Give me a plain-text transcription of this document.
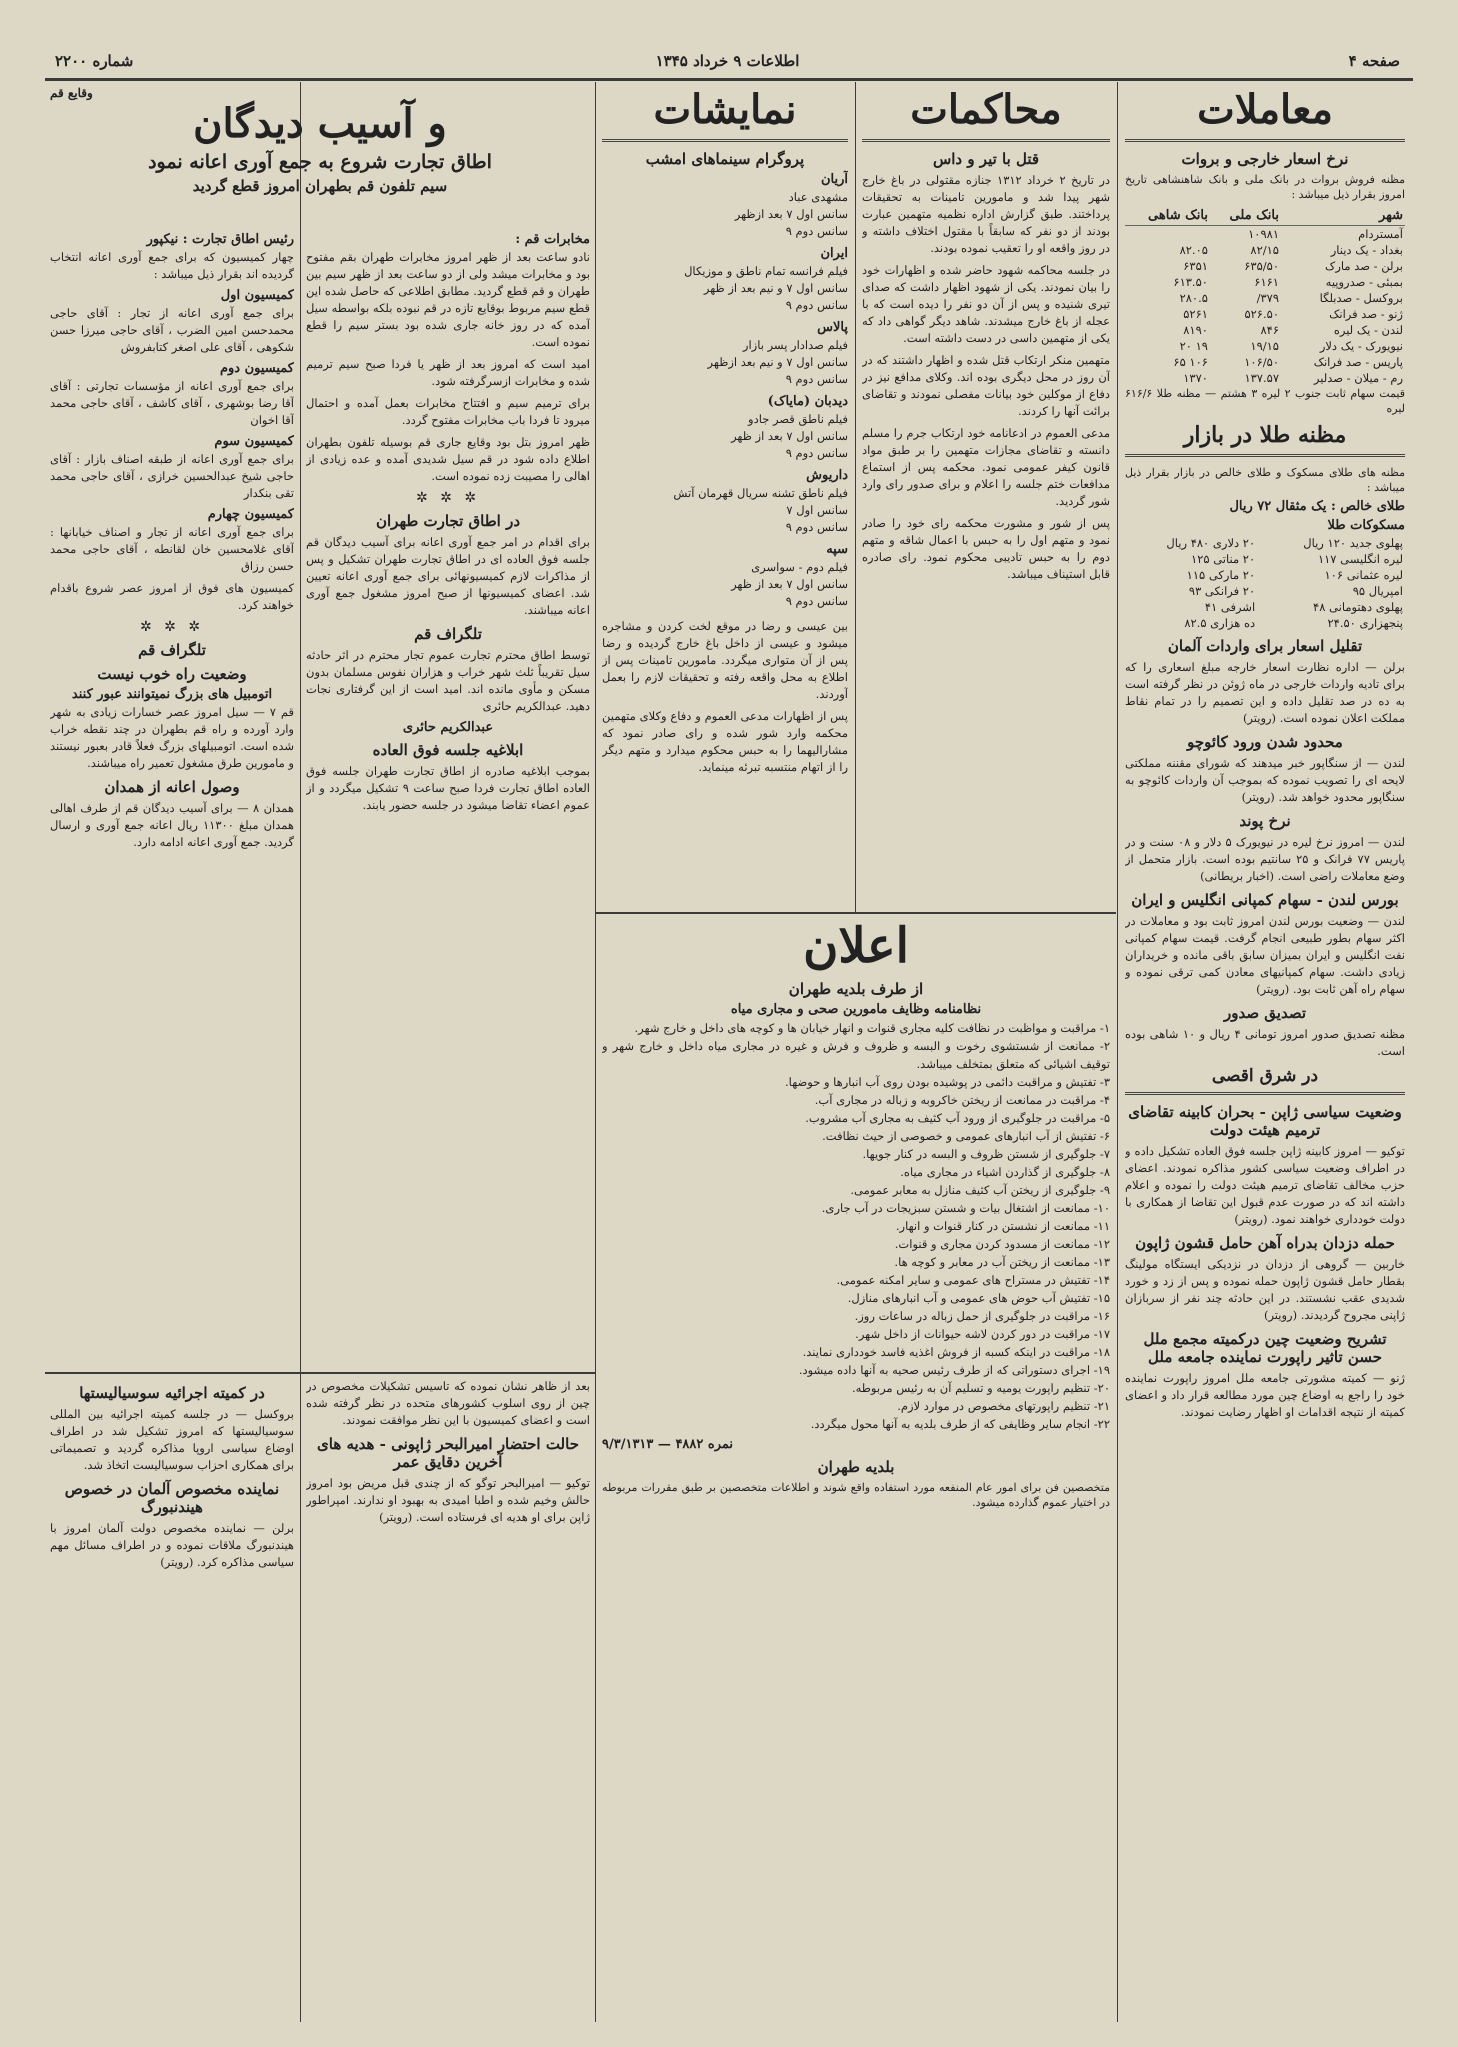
صفحه ۴
اطلاعات ۹ خرداد ۱۳۴۵
شماره ۲۲۰۰
معاملات
نرخ اسعار خارجی و بروات

مظنه فروش بروات در بانک ملی و بانک شاهنشاهی تاریخ امروز بقرار ذیل میباشد :

شهر	بانک ملی	بانک شاهی
آمستردام	۱۰۹۸۱	
بغداد - یک دینار	۸۲/۱۵	۸۲.۰۵
برلن - صد مارک	۶۳۵/۵۰	۶۳۵۱
بمبئی - صدروپیه	۶۱۶۱	۶۱۳.۵۰
بروکسل - صدبلگا	۳۷۹/	۲۸۰.۵
ژنو - صد فرانک	۵۲۶.۵۰	۵۲۶۱
لندن - یک لیره	۸۴۶	۸۱۹۰
نیویورک - یک دلار	۱۹/۱۵	۱۹ ۲۰
پاریس - صد فرانک	۱۰۶/۵۰	۱۰۶ ۶۵
رم - میلان - صدلیر	۱۳۷.۵۷	۱۳۷۰

قیمت سهام ثابت جنوب ۲ لیره ۳ هشتم — مظنه طلا ۶۱۶/۶ لیره

مظنه طلا در بازار

مظنه های طلای مسکوک و طلای خالص در بازار بقرار ذیل میباشد :

طلای خالص : یک مثقال ۷۲ ریال
مسکوکات طلا
پهلوی جدید ۱۲۰ ریال	۲۰ دلاری ۴۸۰ ریال
لیره انگلیسی ۱۱۷	۲۰ مناتی ۱۲۵
لیره عثمانی ۱۰۶	۲۰ مارکی ۱۱۵
امپریال ۹۵	۲۰ فرانکی ۹۳
پهلوی دهتومانی ۴۸	اشرفی ۴۱
پنجهزاری ۲۴.۵۰	ده هزاری ۸۲.۵
تقلیل اسعار برای واردات آلمان

برلن — اداره نظارت اسعار خارجه مبلغ اسعاری را که برای تادیه واردات خارجی در ماه ژوئن در نظر گرفته است به ده در صد تقلیل داده و این تصمیم را در تمام نقاط مملکت اعلان نموده است. (رویتر)

محدود شدن ورود کائوچو

لندن — از سنگاپور خبر میدهند که شورای مقننه مملکتی لایحه ای را تصویب نموده که بموجب آن واردات کائوچو به سنگاپور محدود خواهد شد. (رویتر)

نرخ پوند

لندن — امروز نرخ لیره در نیویورک ۵ دلار و ۰۸ سنت و در پاریس ۷۷ فرانک و ۲۵ سانتیم بوده است. بازار متحمل از وضع معاملات راضی است. (اخبار بریطانی)

بورس لندن - سهام کمپانی انگلیس و ایران

لندن — وضعیت بورس لندن امروز ثابت بود و معاملات در اکثر سهام بطور طبیعی انجام گرفت. قیمت سهام کمپانی نفت انگلیس و ایران بمیزان سابق باقی مانده و خریداران زیادی داشت. سهام کمپانیهای معادن کمی ترقی نموده و سهام راه آهن ثابت بود. (رویتر)

تصدیق صدور

مظنه تصدیق صدور امروز تومانی ۴ ریال و ۱۰ شاهی بوده است.

در شرق اقصی
وضعیت سیاسی ژاپن - بحران کابینه تقاضای ترمیم هیئت دولت

توکیو — امروز کابینه ژاپن جلسه فوق العاده تشکیل داده و در اطراف وضعیت سیاسی کشور مذاکره نمودند. اعضای حزب مخالف تقاضای ترمیم هیئت دولت را نموده و اعلام داشته اند که در صورت عدم قبول این تقاضا از همکاری با دولت خودداری خواهند نمود. (رویتر)

حمله دزدان بدراه آهن حامل قشون ژاپون

خاربین — گروهی از دزدان در نزدیکی ایستگاه مولینگ بقطار حامل قشون ژاپون حمله نموده و پس از زد و خورد شدیدی عقب نشستند. در این حادثه چند نفر از سربازان ژاپنی مجروح گردیدند. (رویتر)

تشریح وضعیت چین درکمیته مجمع ملل حسن تاثیر راپورت نماینده جامعه ملل

ژنو — کمیته مشورتی جامعه ملل امروز راپورت نماینده خود را راجع به اوضاع چین مورد مطالعه قرار داد و اعضای کمیته از نتیجه اقدامات او اظهار رضایت نمودند.

محاکمات
قتل با تیر و داس

در تاریخ ۲ خرداد ۱۳۱۲ جنازه مقتولی در باغ خارج شهر پیدا شد و مامورین تامینات به تحقیقات پرداختند. طبق گزارش اداره نظمیه متهمین عبارت بودند از دو نفر که سابقاً با مقتول اختلاف داشته و در روز واقعه او را تعقیب نموده بودند.

در جلسه محاکمه شهود حاضر شده و اظهارات خود را بیان نمودند. یکی از شهود اظهار داشت که صدای تیری شنیده و پس از آن دو نفر را دیده است که با عجله از باغ خارج میشدند. شاهد دیگر گواهی داد که یکی از متهمین داسی در دست داشته است.

متهمین منکر ارتکاب قتل شده و اظهار داشتند که در آن روز در محل دیگری بوده اند. وکلای مدافع نیز در دفاع از موکلین خود بیانات مفصلی نمودند و تقاضای برائت آنها را کردند.

مدعی العموم در ادعانامه خود ارتکاب جرم را مسلم دانسته و تقاضای مجازات متهمین را بر طبق مواد قانون کیفر عمومی نمود. محکمه پس از استماع مدافعات ختم جلسه را اعلام و برای صدور رای وارد شور گردید.

پس از شور و مشورت محکمه رای خود را صادر نمود و متهم اول را به حبس با اعمال شاقه و متهم دوم را به حبس تادیبی محکوم نمود. رای صادره قابل استیناف میباشد.

نمایشات
پروگرام سینماهای امشب
آریان
مشهدی عباد
سانس اول ۷ بعد ازظهر
سانس دوم ۹
ایران
فیلم فرانسه تمام ناطق و موزیکال
سانس اول ۷ و نیم بعد از ظهر
سانس دوم ۹
پالاس
فیلم صدادار پسر بازار
سانس اول ۷ و نیم بعد ازظهر
سانس دوم ۹
دیدبان (مایاک)
فیلم ناطق قصر جادو
سانس اول ۷ بعد از ظهر
سانس دوم ۹
داریوش
فیلم ناطق تشنه سریال قهرمان آتش
سانس اول ۷
سانس دوم ۹
سپه
فیلم دوم - سواسری
سانس اول ۷ بعد از ظهر
سانس دوم ۹

بین عیسی و رضا در موقع لخت کردن و مشاجره میشود و عیسی از داخل باغ خارج گردیده و رضا پس از آن متواری میگردد. مامورین تامینات پس از اطلاع به محل واقعه رفته و تحقیقات لازم را بعمل آوردند.

پس از اظهارات مدعی العموم و دفاع وکلای متهمین محکمه وارد شور شده و رای صادر نمود که مشارالیهما را به حبس محکوم میدارد و متهم دیگر را از اتهام منتسبه تبرئه مینماید.

اعلان
از طرف بلدیه طهران
نظامنامه وظایف مامورین صحی و مجاری میاه
۱- مراقبت و مواظبت در نظافت کلیه مجاری قنوات و انهار خیابان ها و کوچه های داخل و خارج شهر.
۲- ممانعت از شستشوی رخوت و البسه و ظروف و فرش و غیره در مجاری میاه داخل و خارج شهر و توقیف اشیائی که متعلق بمتخلف میباشد.
۳- تفتیش و مراقبت دائمی در پوشیده بودن روی آب انبارها و حوضها.
۴- مراقبت در ممانعت از ریختن خاکروبه و زباله در مجاری آب.
۵- مراقبت در جلوگیری از ورود آب کثیف به مجاری آب مشروب.
۶- تفتیش از آب انبارهای عمومی و خصوصی از حیث نظافت.
۷- جلوگیری از شستن ظروف و البسه در کنار جویها.
۸- جلوگیری از گذاردن اشیاء در مجاری میاه.
۹- جلوگیری از ریختن آب کثیف منازل به معابر عمومی.
۱۰- ممانعت از اشتغال بیات و شستن سبزیجات در آب جاری.
۱۱- ممانعت از نشستن در کنار قنوات و انهار.
۱۲- ممانعت از مسدود کردن مجاری و قنوات.
۱۳- ممانعت از ریختن آب در معابر و کوچه ها.
۱۴- تفتیش در مستراح های عمومی و سایر امکنه عمومی.
۱۵- تفتیش آب حوض های عمومی و آب انبارهای منازل.
۱۶- مراقبت در جلوگیری از حمل زباله در ساعات روز.
۱۷- مراقبت در دور کردن لاشه حیوانات از داخل شهر.
۱۸- مراقبت در اینکه کسبه از فروش اغذیه فاسد خودداری نمایند.
۱۹- اجرای دستوراتی که از طرف رئیس صحیه به آنها داده میشود.
۲۰- تنظیم راپورت یومیه و تسلیم آن به رئیس مربوطه.
۲۱- تنظیم راپورتهای مخصوص در موارد لازم.
۲۲- انجام سایر وظایفی که از طرف بلدیه به آنها محول میگردد.
نمره ۴۸۸۲ — ۹/۳/۱۳۱۳
بلدیه طهران

متخصصین فن برای امور عام المنفعه مورد استفاده واقع شوند و اطلاعات متخصصین بر طبق مقررات مربوطه در اختیار عموم گذارده میشود.

وقایع قم
و آسیب دیدگان
اطاق تجارت شروع به جمع آوری اعانه نمود
سیم تلفون قم بطهران امروز قطع گردید
مخابرات قم :

نادو ساعت بعد از ظهر امروز مخابرات طهران بقم مفتوح بود و مخابرات میشد ولی از دو ساعت بعد از ظهر سیم بین طهران و قم قطع گردید. مطابق اطلاعی که حاصل شده این قطع سیم مربوط بوقایع تازه در قم نبوده بلکه بواسطه سیل آمده که در روز خانه جاری شده بود بستر سیم را قطع نموده است.

امید است که امروز بعد از ظهر یا فردا صبح سیم ترمیم شده و مخابرات ازسرگرفته شود.

برای ترمیم سیم و افتتاح مخابرات بعمل آمده و احتمال میرود تا فردا باب مخابرات مفتوح گردد.

ظهر امروز بتل بود وقایع جاری قم بوسیله تلفون بطهران اطلاع داده شود در قم سیل شدیدی آمده و عده زیادی از اهالی را مصیبت زده نموده است.

✲ ✲ ✲
در اطاق تجارت طهران

برای اقدام در امر جمع آوری اعانه برای آسیب دیدگان قم جلسه فوق العاده ای در اطاق تجارت طهران تشکیل و پس از مذاکرات لازم کمیسیونهائی برای جمع آوری اعانه تعیین شد. اعضای کمیسیونها از صبح امروز مشغول جمع آوری اعانه میباشند.

تلگراف قم

توسط اطاق محترم تجارت عموم تجار محترم در اثر حادثه سیل تقریباً ثلث شهر خراب و هزاران نفوس مسلمان بدون مسکن و مأوی مانده اند. امید است از این گرفتاری نجات دهید. عبدالکریم حائری

عبدالکریم حائری
ابلاغیه جلسه فوق العاده

بموجب ابلاغیه صادره از اطاق تجارت طهران جلسه فوق العاده اطاق تجارت فردا صبح ساعت ۹ تشکیل میگردد و از عموم اعضاء تقاضا میشود در جلسه حضور یابند.

رئیس اطاق تجارت : نیکپور

چهار کمیسیون که برای جمع آوری اعانه انتخاب گردیده اند بقرار ذیل میباشد :

کمیسیون اول

برای جمع آوری اعانه از تجار : آقای حاجی محمدحسن امین الضرب ، آقای حاجی میرزا حسن شکوهی ، آقای علی اصغر کتابفروش

کمیسیون دوم

برای جمع آوری اعانه از مؤسسات تجارتی : آقای آقا رضا بوشهری ، آقای کاشف ، آقای حاجی محمد آقا اخوان

کمیسیون سوم

برای جمع آوری اعانه از طبقه اصناف بازار : آقای حاجی شیخ عبدالحسین خرازی ، آقای حاجی محمد تقی بنکدار

کمیسیون چهارم

برای جمع آوری اعانه از تجار و اصناف خیابانها : آقای غلامحسین خان لقانطه ، آقای حاجی محمد حسن رزاق

کمیسیون های فوق از امروز عصر شروع باقدام خواهند کرد.

✲ ✲ ✲
تلگراف قم
وضعیت راه خوب نیست
اتومبیل های بزرگ نمیتوانند عبور کنند

قم ۷ — سیل امروز عصر خسارات زیادی به شهر وارد آورده و راه قم بطهران در چند نقطه خراب شده است. اتومبیلهای بزرگ فعلاً قادر بعبور نیستند و مامورین طرق مشغول تعمیر راه میباشند.

وصول اعانه از همدان

همدان ۸ — برای آسیب دیدگان قم از طرف اهالی همدان مبلغ ۱۱۳۰۰ ریال اعانه جمع آوری و ارسال گردید. جمع آوری اعانه ادامه دارد.

بعد از ظاهر نشان نموده که تاسیس تشکیلات مخصوص در چین از روی اسلوب کشورهای متحده در نظر گرفته شده است و اعضای کمیسیون با این نظر موافقت نمودند.

حالت احتضار امیرالبحر ژاپونی - هدیه های آخرین دقایق عمر

توکیو — امیرالبحر توگو که از چندی قبل مریض بود امروز حالش وخیم شده و اطبا امیدی به بهبود او ندارند. امپراطور ژاپن برای او هدیه ای فرستاده است. (رویتر)

در کمیته اجرائیه سوسیالیستها

بروکسل — در جلسه کمیته اجرائیه بین المللی سوسیالیستها که امروز تشکیل شد در اطراف اوضاع سیاسی اروپا مذاکره گردید و تصمیماتی برای همکاری احزاب سوسیالیست اتخاذ شد.

نماینده مخصوص آلمان در خصوص هیندنبورگ

برلن — نماینده مخصوص دولت آلمان امروز با هیندنبورگ ملاقات نموده و در اطراف مسائل مهم سیاسی مذاکره کرد. (رویتر)
